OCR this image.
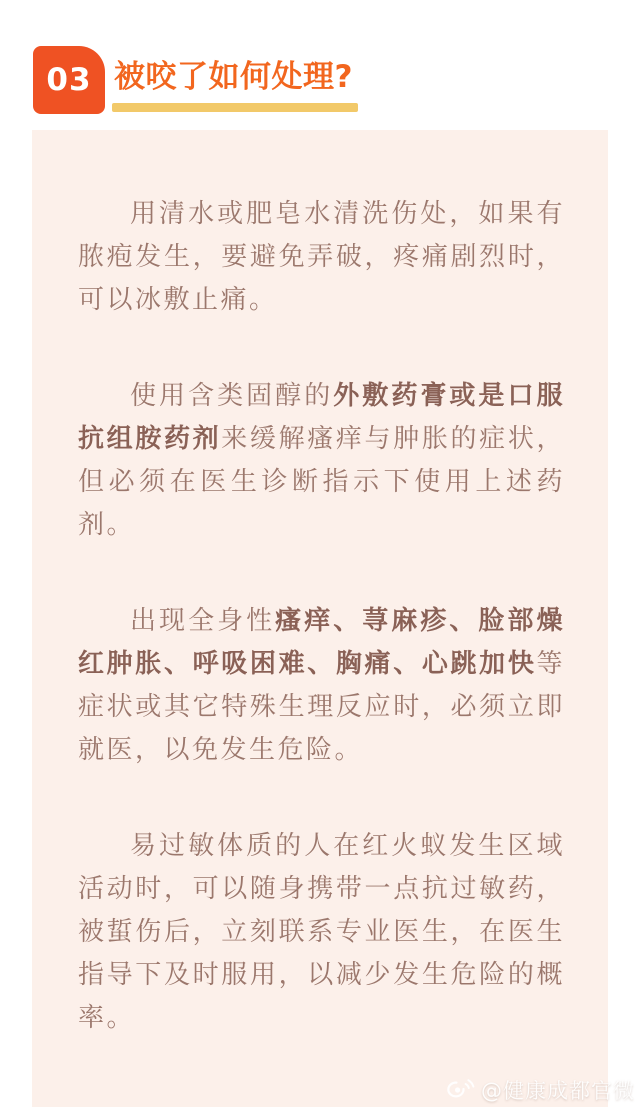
03 被咬了如何处理?

用清水或肥皂水清洗伤处，如果有脓疱发生，要避免弄破，疼痛剧烈时，可以冰敷止痛。

使用含类固醇的外敷药膏或是口服抗组胺药剂来缓解瘙痒与肿胀的症状，但必须在医生诊断指示下使用上述药剂。

出现全身性瘙痒、荨麻疹、脸部燥红肿胀、呼吸困难、胸痛、心跳加快等症状或其它特殊生理反应时，必须立即就医，以免发生危险。

易过敏体质的人在红火蚁发生区域活动时，可以随身携带一点抗过敏药，被蜇伤后，立刻联系专业医生，在医生指导下及时服用，以减少发生危险的概率。

@健康成都官微
